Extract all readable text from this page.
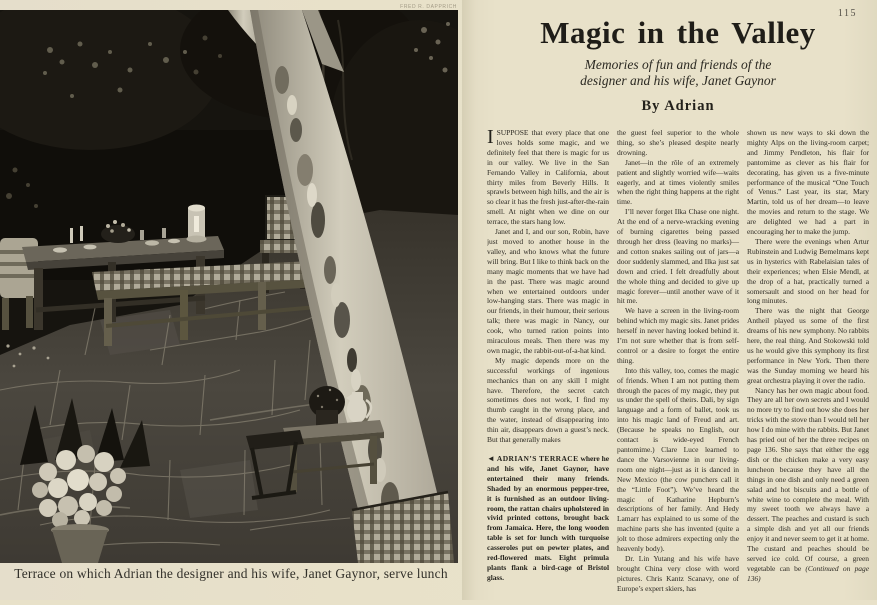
FRED R. DAPPRICH
Terrace on which Adrian the designer and his wife, Janet Gaynor, serve lunch
115
Magic in the Valley
Memories of fun and friends of the
designer and his wife, Janet Gaynor
By Adrian

ISUPPOSE that every place that one loves holds some magic, and we definitely feel that there is magic for us in our valley. We live in the San Fernando Valley in California, about thirty miles from Beverly Hills. It sprawls between high hills, and the air is so clear it has the fresh just-after-the-rain smell. At night when we dine on our terrace, the stars hang low.

Janet and I, and our son, Robin, have just moved to another house in the valley, and who knows what the future will bring. But I like to think back on the many magic moments that we have had in the past. There was magic around when we entertained outdoors under low-hanging stars. There was magic in our friends, in their humour, their serious talk; there was magic in Nancy, our cook, who turned ration points into miraculous meals. Then there was my own magic, the rabbit-out-of-a-hat kind.

My magic depends more on the successful workings of ingenious mechanics than on any skill I might have. Therefore, the secret catch sometimes does not work, I find my thumb caught in the wrong place, and the water, instead of disappearing into thin air, disappears down a guest’s neck. But that generally makes

◄ ADRIAN’S TERRACE where he and his wife, Janet Gaynor, have entertained their many friends. Shaded by an enormous pepper-tree, it is furnished as an outdoor living-room, the rattan chairs upholstered in vivid printed cottons, brought back from Jamaica. Here, the long wooden table is set for lunch with turquoise casseroles put on pewter plates, and red-flowered mats. Eight primula plants flank a bird-cage of Bristol glass.

the guest feel superior to the whole thing, so she’s pleased despite nearly drowning.

Janet—in the rôle of an extremely patient and slightly worried wife—waits eagerly, and at times violently smiles when the right thing happens at the right time.

I’ll never forget Ilka Chase one night. At the end of a nerve-wracking evening of burning cigarettes being passed through her dress (leaving no marks)—and cotton snakes sailing out of jars—a door suddenly slammed, and Ilka just sat down and cried. I felt dreadfully about the whole thing and decided to give up magic forever—until another wave of it hit me.

We have a screen in the living-room behind which my magic sits. Janet prides herself in never having looked behind it. I’m not sure whether that is from self-control or a desire to forget the entire thing.

Into this valley, too, comes the magic of friends. When I am not putting them through the paces of my magic, they put us under the spell of theirs. Dali, by sign language and a form of ballet, took us into his magic land of Freud and art. (Because he speaks no English, our contact is wide-eyed French pantomime.) Clare Luce learned to dance the Varsovienne in our living-room one night—just as it is danced in New Mexico (the cow punchers call it the “Little Foot”). We’ve heard the magic of Katharine Hepburn’s descriptions of her family. And Hedy Lamarr has explained to us some of the machine parts she has invented (quite a jolt to those admirers expecting only the heavenly body).

Dr. Lin Yutang and his wife have brought China very close with word pictures. Chris Kantz Scanavy, one of Europe’s expert skiers, has

shown us new ways to ski down the mighty Alps on the living-room carpet; and Jimmy Pendleton, his flair for pantomime as clever as his flair for decorating, has given us a five-minute performance of the musical “One Touch of Venus.” Last year, its star, Mary Martin, told us of her dream—to leave the movies and return to the stage. We are delighted we had a part in encouraging her to make the jump.

There were the evenings when Artur Rubinstein and Ludwig Bemelmans kept us in hysterics with Rabelaisian tales of their experiences; when Elsie Mendl, at the drop of a hat, practically turned a somersault and stood on her head for long minutes.

There was the night that George Antheil played us some of the first dreams of his new symphony. No rabbits here, the real thing. And Stokowski told us he would give this symphony its first performance in New York. Then there was the Sunday morning we heard his great orchestra playing it over the radio.

Nancy has her own magic about food. They are all her own secrets and I would no more try to find out how she does her tricks with the stove than I would tell her how I do mine with the rabbits. But Janet has pried out of her the three recipes on page 136. She says that either the egg dish or the chicken make a very easy luncheon because they have all the things in one dish and only need a green salad and hot biscuits and a bottle of white wine to complete the meal. With my sweet tooth we always have a dessert. The peaches and custard is such a simple dish and yet all our friends enjoy it and never seem to get it at home. The custard and peaches should be served ice cold. Of course, a green vegetable can be (Continued on page 136)
